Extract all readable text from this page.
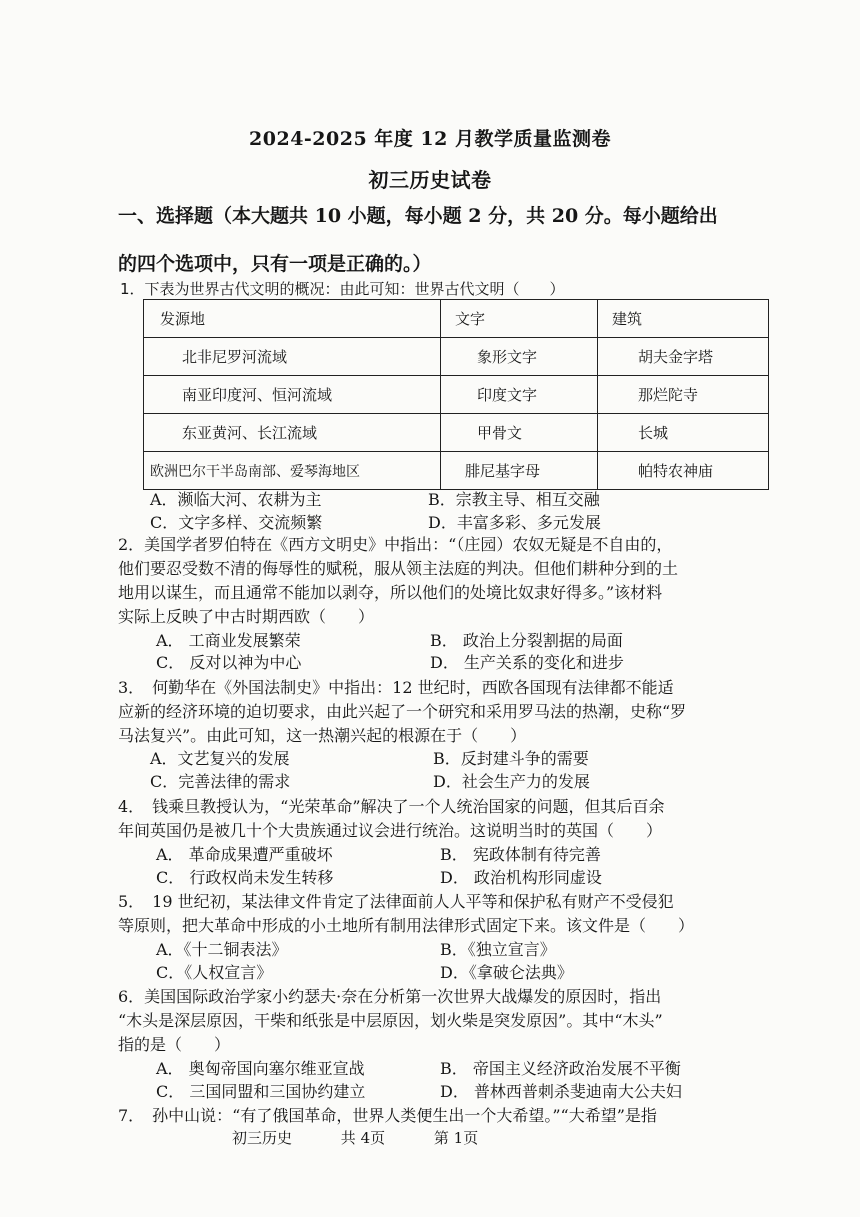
2024-2025 年度 12 月教学质量监测卷
初三历史试卷
一、选择题（本大题共 10 小题，每小题 2 分，共 20 分。每小题给出
的四个选项中，只有一项是正确的。）
1．下表为世界古代文明的概况：由此可知：世界古代文明（　　）
发源地	文字	建筑
北非尼罗河流域	象形文字	胡夫金字塔
南亚印度河、恒河流域	印度文字	那烂陀寺
东亚黄河、长江流域	甲骨文	长城
欧洲巴尔干半岛南部、爱琴海地区	腓尼基字母	帕特农神庙
A．濒临大河、农耕为主	B．宗教主导、相互交融
C．文字多样、交流频繁	D．丰富多彩、多元发展
2．美国学者罗伯特在《西方文明史》中指出：“（庄园）农奴无疑是不自由的，
他们要忍受数不清的侮辱性的赋税，服从领主法庭的判决。但他们耕种分到的土
地用以谋生，而且通常不能加以剥夺，所以他们的处境比奴隶好得多。”该材料
实际上反映了中古时期西欧（　　）
A． 工商业发展繁荣	B． 政治上分裂割据的局面
C． 反对以神为中心	D． 生产关系的变化和进步
3．　何勤华在《外国法制史》中指出：12 世纪时，西欧各国现有法律都不能适
应新的经济环境的迫切要求，由此兴起了一个研究和采用罗马法的热潮，史称“罗
马法复兴”。由此可知，这一热潮兴起的根源在于（　　）
A．文艺复兴的发展	B．反封建斗争的需要
C．完善法律的需求	D．社会生产力的发展
4．　钱乘旦教授认为，“光荣革命”解决了一个人统治国家的问题，但其后百余
年间英国仍是被几十个大贵族通过议会进行统治。这说明当时的英国（　　）
A． 革命成果遭严重破坏	B． 宪政体制有待完善
C． 行政权尚未发生转移	D． 政治机构形同虚设
5．　19 世纪初，某法律文件肯定了法律面前人人平等和保护私有财产不受侵犯
等原则，把大革命中形成的小土地所有制用法律形式固定下来。该文件是（　　）
A．《十二铜表法》	B．《独立宣言》
C．《人权宣言》	D．《拿破仑法典》
6．美国国际政治学家小约瑟夫·奈在分析第一次世界大战爆发的原因时，指出
“木头是深层原因，干柴和纸张是中层原因，划火柴是突发原因”。其中“木头”
指的是（　　）
A． 奥匈帝国向塞尔维亚宣战	B． 帝国主义经济政治发展不平衡
C． 三国同盟和三国协约建立	D． 普林西普刺杀斐迪南大公夫妇
7．　孙中山说：“有了俄国革命，世界人类便生出一个大希望。”“大希望”是指
初三历史	共 4页	第 1页
